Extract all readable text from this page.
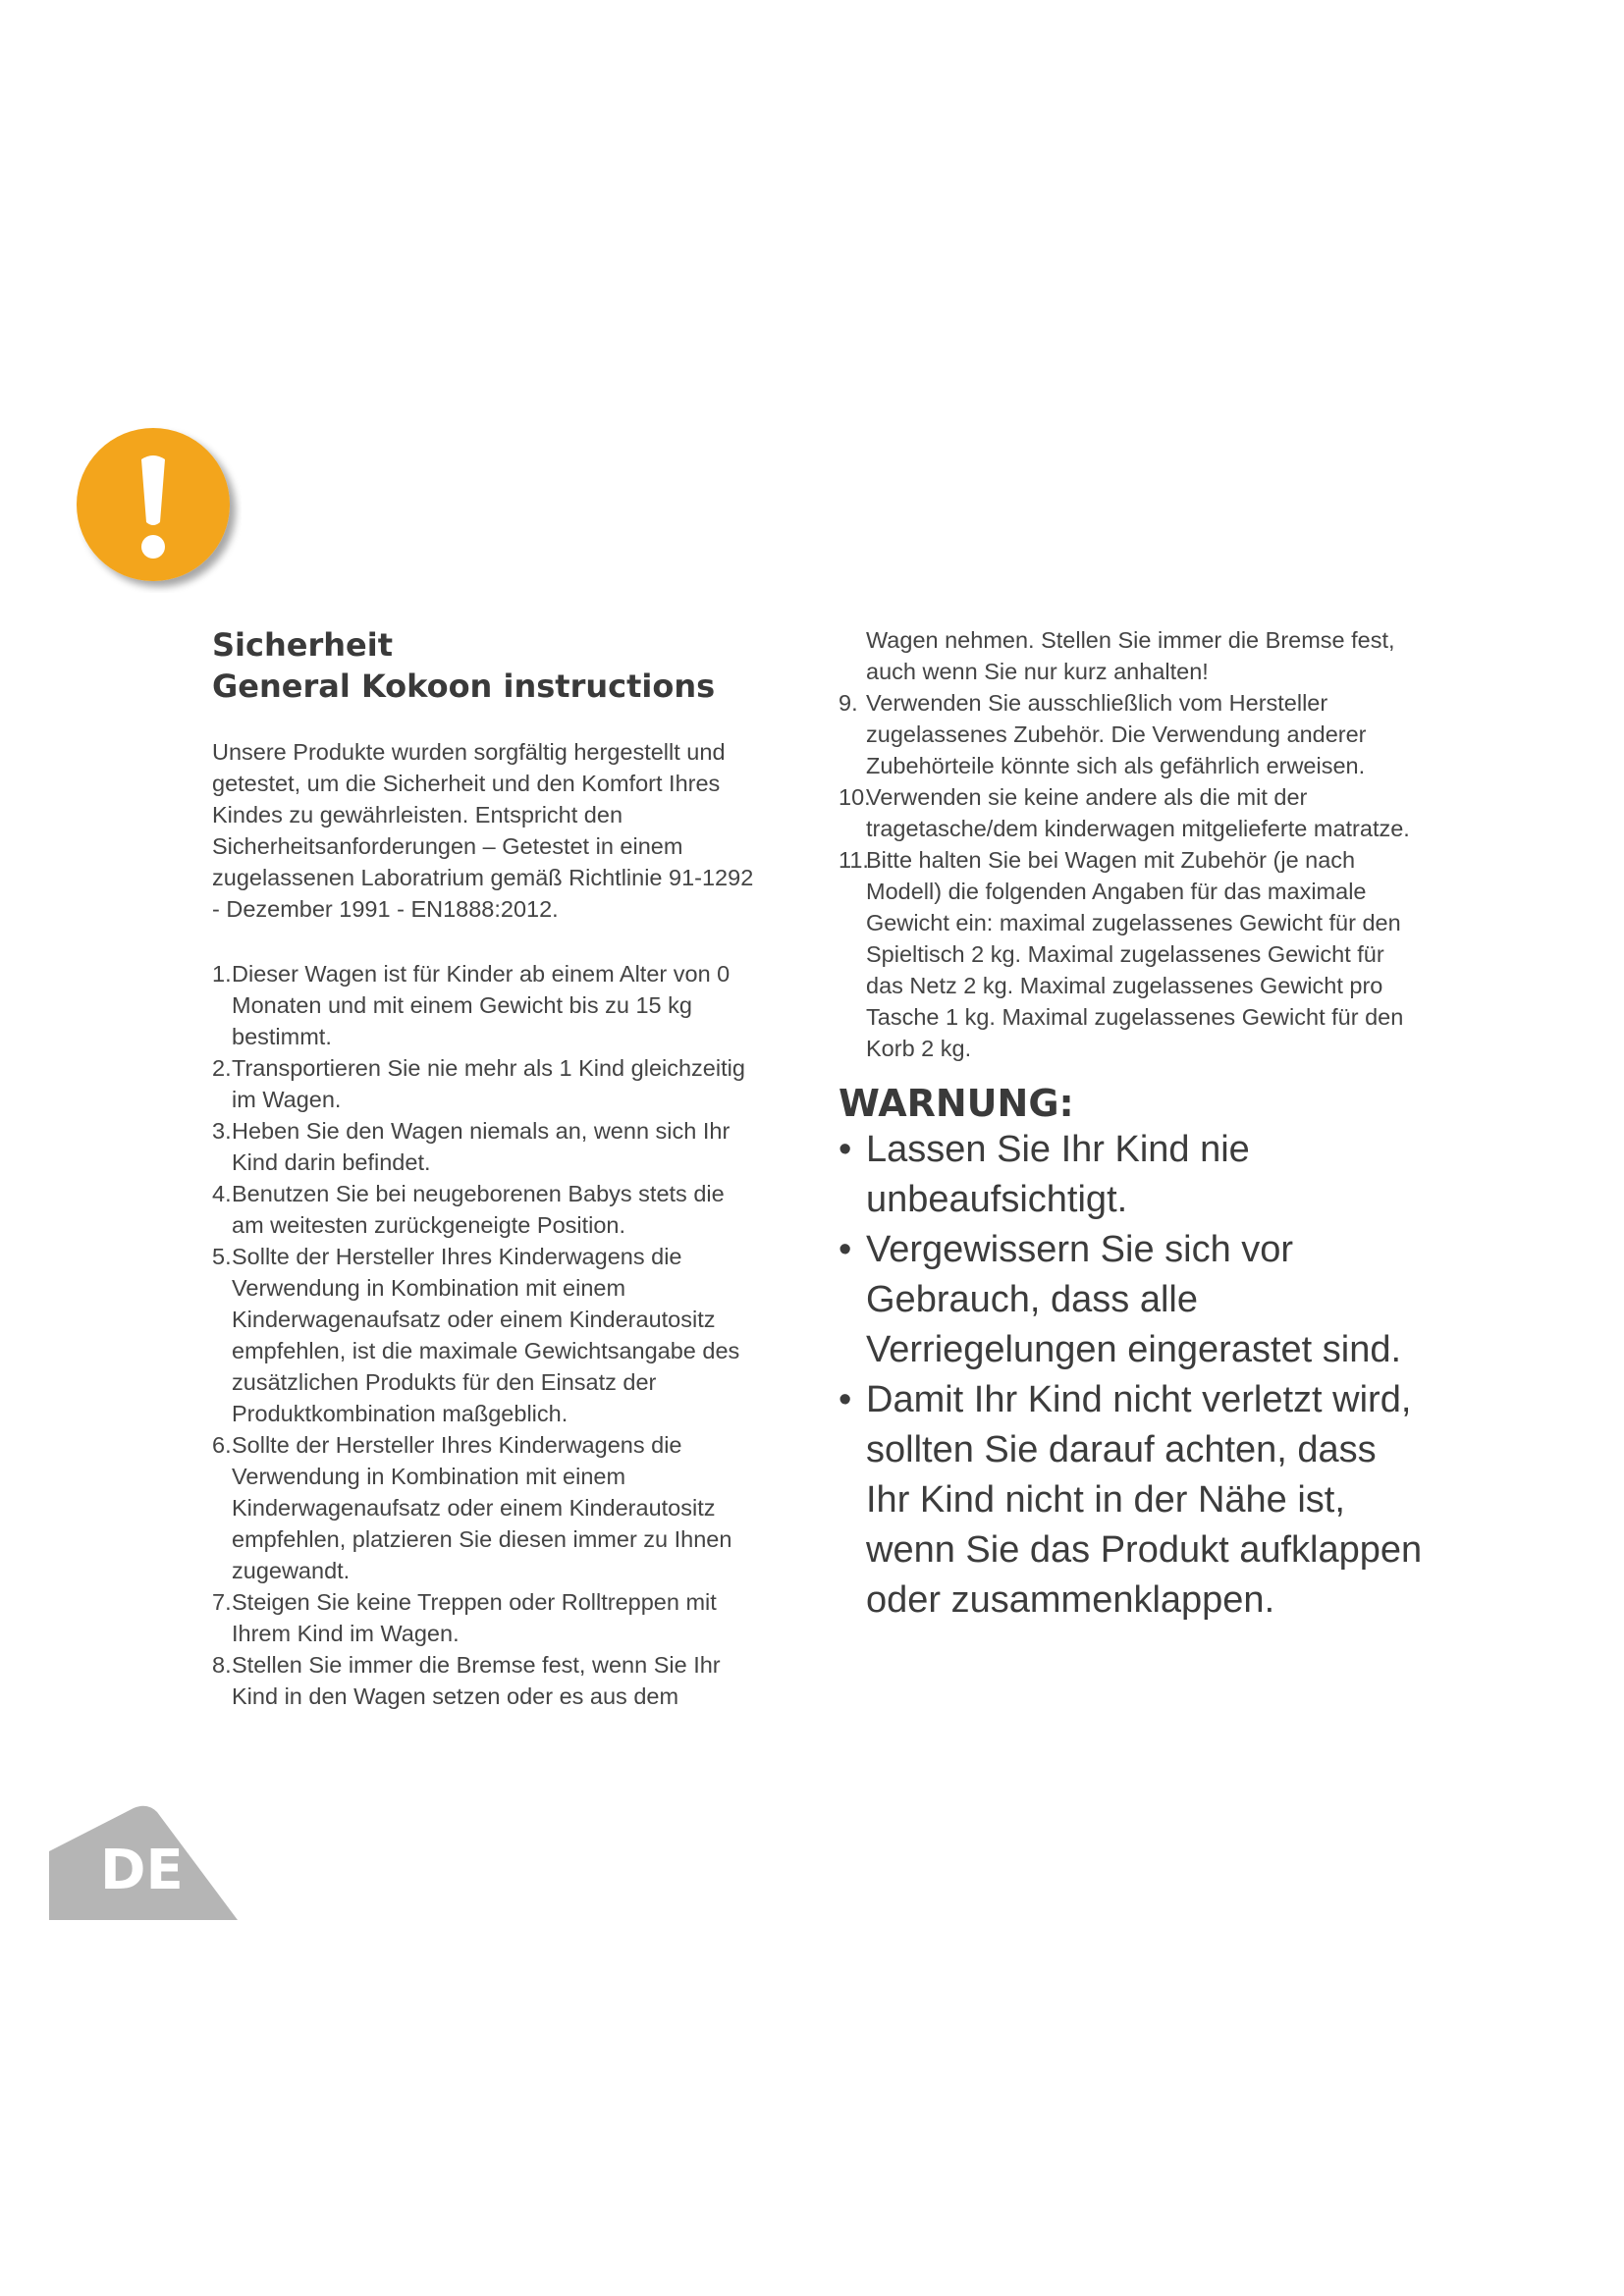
Sicherheit
General Kokoon instructions

Unsere Produkte wurden sorgfältig hergestellt und getestet, um die Sicherheit und den Komfort Ihres Kindes zu gewährleisten. Entspricht den Sicherheitsanforderungen – Getestet in einem zugelassenen Laboratrium gemäß Richtlinie 91-1292 - Dezember 1991 - EN1888:2012.

1. Dieser Wagen ist für Kinder ab einem Alter von 0 Monaten und mit einem Gewicht bis zu 15 kg bestimmt.
2. Transportieren Sie nie mehr als 1 Kind gleichzeitig im Wagen.
3. Heben Sie den Wagen niemals an, wenn sich Ihr Kind darin befindet.
4. Benutzen Sie bei neugeborenen Babys stets die am weitesten zurückgeneigte Position.
5. Sollte der Hersteller Ihres Kinderwagens die Verwendung in Kombination mit einem Kinderwagenaufsatz oder einem Kinderautositz empfehlen, ist die maximale Gewichtsangabe des zusätzlichen Produkts für den Einsatz der Produktkombination maßgeblich.
6. Sollte der Hersteller Ihres Kinderwagens die Verwendung in Kombination mit einem Kinderwagenaufsatz oder einem Kinderautositz empfehlen, platzieren Sie diesen immer zu Ihnen zugewandt.
7. Steigen Sie keine Treppen oder Rolltreppen mit Ihrem Kind im Wagen.
8. Stellen Sie immer die Bremse fest, wenn Sie Ihr Kind in den Wagen setzen oder es aus dem

Wagen nehmen. Stellen Sie immer die Bremse fest, auch wenn Sie nur kurz anhalten!

9. Verwenden Sie ausschließlich vom Hersteller zugelassenes Zubehör. Die Verwendung anderer Zubehörteile könnte sich als gefährlich erweisen.
10.
Verwenden sie keine andere als die mit der tragetasche/dem kinderwagen mitgelieferte matratze.
11.
Bitte halten Sie bei Wagen mit Zubehör (je nach Modell) die folgenden Angaben für das maximale Gewicht ein: maximal zugelassenes Gewicht für den Spieltisch 2 kg. Maximal zugelassenes Gewicht für das Netz 2 kg. Maximal zugelassenes Gewicht pro Tasche 1 kg. Maximal zugelassenes Gewicht für den Korb 2 kg.
WARNUNG:
• Lassen Sie Ihr Kind nie unbeaufsichtigt.
• Vergewissern Sie sich vor Gebrauch, dass alle Verriegelungen eingerastet sind.
• Damit Ihr Kind nicht verletzt wird, sollten Sie darauf achten, dass Ihr Kind nicht in der Nähe ist, wenn Sie das Produkt aufklappen oder zusammenklappen.
DE
